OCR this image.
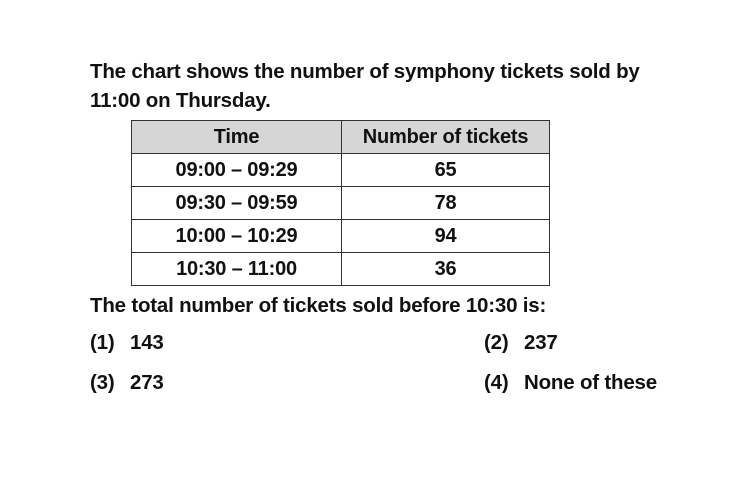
The chart shows the number of symphony tickets sold by
11:00 on Thursday.

Time	Number of tickets
09:00 – 09:29	65
09:30 – 09:59	78
10:00 – 10:29	94
10:30 – 11:00	36

The total number of tickets sold before 10:30 is:

(1) 143	(2) 237
(3) 273	(4) None of these
